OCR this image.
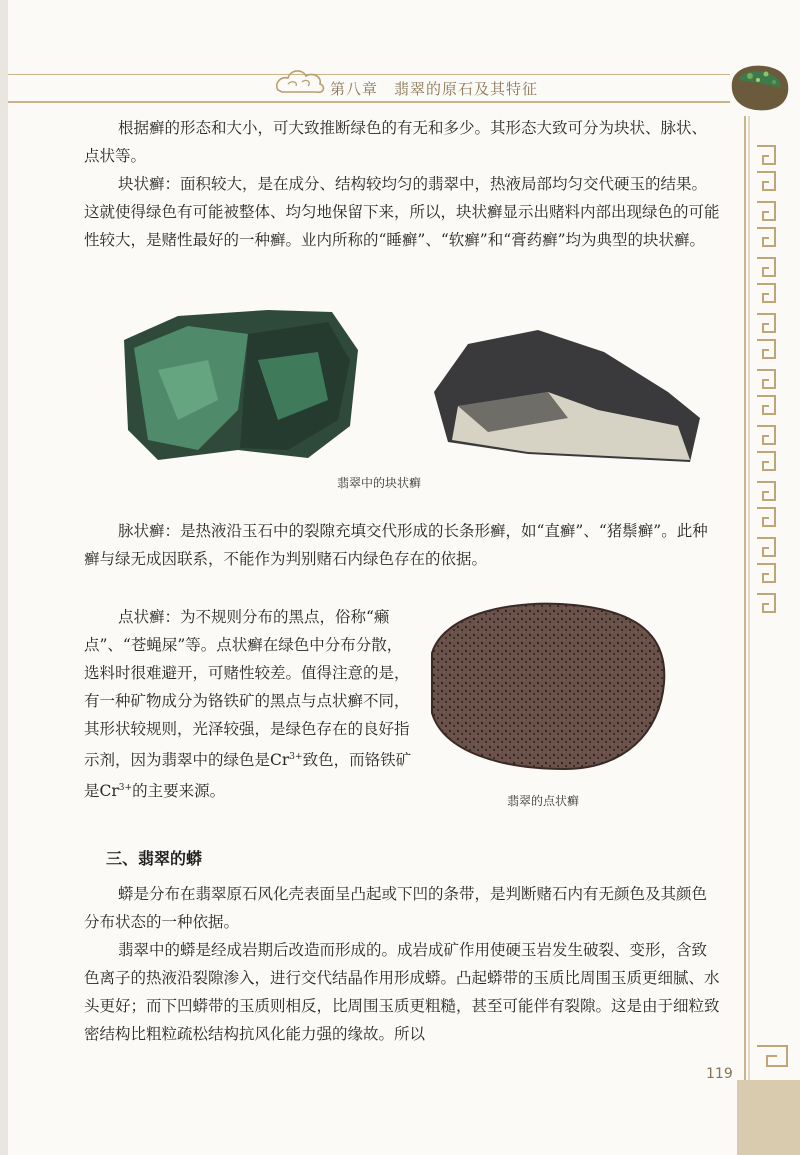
第八章　翡翠的原石及其特征

根据癣的形态和大小，可大致推断绿色的有无和多少。其形态大致可分为块状、脉状、点状等。

块状癣：面积较大，是在成分、结构较均匀的翡翠中，热液局部均匀交代硬玉的结果。这就使得绿色有可能被整体、均匀地保留下来，所以，块状癣显示出赌料内部出现绿色的可能性较大，是赌性最好的一种癣。业内所称的“睡癣”、“软癣”和“膏药癣”均为典型的块状癣。

翡翠中的块状癣

脉状癣：是热液沿玉石中的裂隙充填交代形成的长条形癣，如“直癣”、“猪鬃癣”。此种癣与绿无成因联系，不能作为判别赌石内绿色存在的依据。

点状癣：为不规则分布的黑点，俗称“癞点”、“苍蝇屎”等。点状癣在绿色中分布分散，选料时很难避开，可赌性较差。值得注意的是，有一种矿物成分为铬铁矿的黑点与点状癣不同，其形状较规则，光泽较强，是绿色存在的良好指示剂，因为翡翠中的绿色是$Cr^{3+}$致色，而铬铁矿是$Cr^{3+}$的主要来源。

翡翠的点状癣
三、翡翠的蟒

蟒是分布在翡翠原石风化壳表面呈凸起或下凹的条带，是判断赌石内有无颜色及其颜色分布状态的一种依据。

翡翠中的蟒是经成岩期后改造而形成的。成岩成矿作用使硬玉岩发生破裂、变形，含致色离子的热液沿裂隙渗入，进行交代结晶作用形成蟒。凸起蟒带的玉质比周围玉质更细腻、水头更好；而下凹蟒带的玉质则相反，比周围玉质更粗糙，甚至可能伴有裂隙。这是由于细粒致密结构比粗粒疏松结构抗风化能力强的缘故。所以

119
